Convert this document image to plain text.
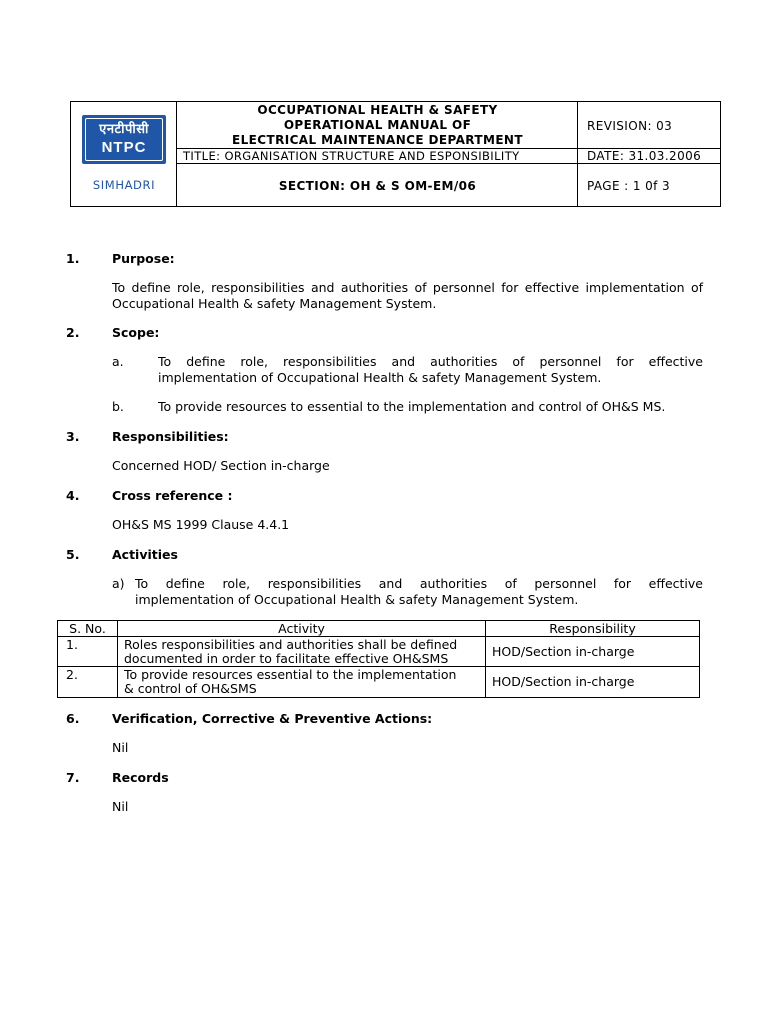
एनटीपीसी
NTPC
SIMHADRI
OCCUPATIONAL HEALTH & SAFETY
OPERATIONAL MANUAL OF
ELECTRICAL MAINTENANCE DEPARTMENT
REVISION: 03
TITLE: ORGANISATION STRUCTURE AND ESPONSIBILITY	DATE: 31.03.2006
SECTION: OH & S OM-EM/06	PAGE : 1 0f 3
1.	Purpose:
To define role, responsibilities and authorities of personnel for effective implementation of Occupational Health & safety Management System.
2.	Scope:
a.	To define role, responsibilities and authorities of personnel for effective implementation of Occupational Health & safety Management System.
b.	To provide resources to essential to the implementation and control of OH&S MS.
3.	Responsibilities:
Concerned HOD/ Section in-charge
4.	Cross reference :
OH&S MS 1999 Clause 4.4.1
5.	Activities
a) To define role, responsibilities and authorities of personnel for effective
implementation of Occupational Health & safety Management System.
S. No.	Activity	Responsibility
1.	Roles responsibilities and authorities shall be defined
documented in order to facilitate effective OH&SMS	HOD/Section in-charge
2.	To provide resources essential to the implementation
& control of OH&SMS	HOD/Section in-charge
6.	Verification, Corrective & Preventive Actions:
Nil
7.	Records
Nil
